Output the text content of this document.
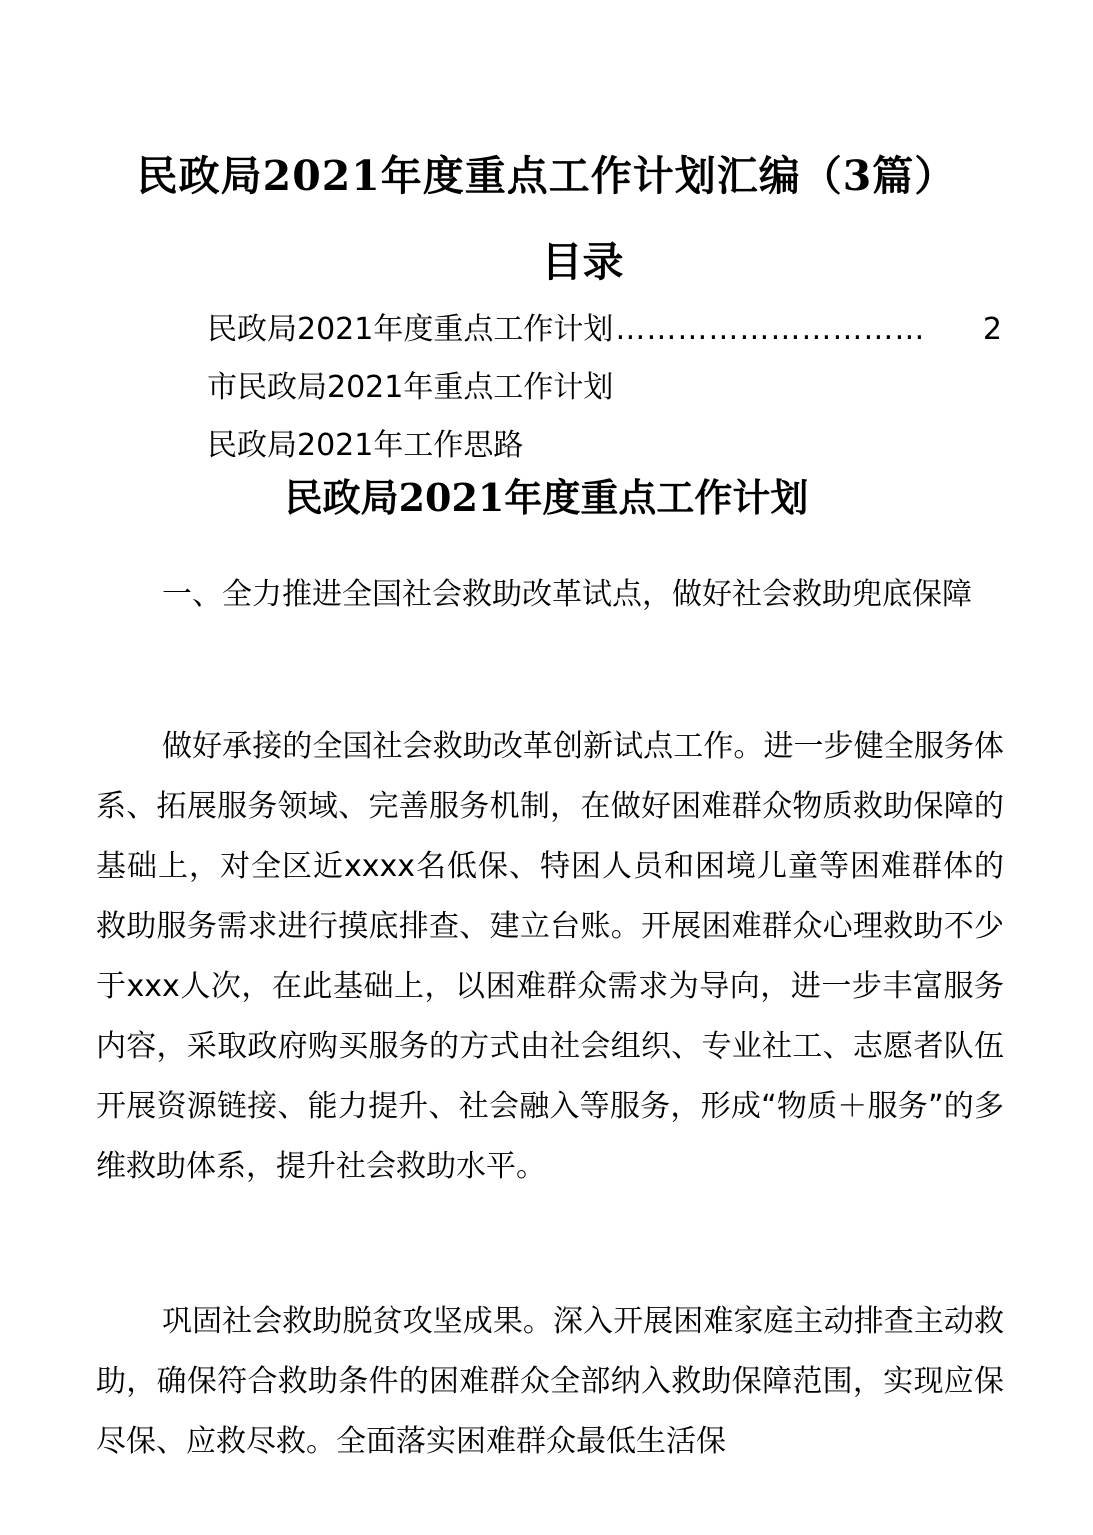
民政局2021年度重点工作计划汇编（3篇）
目录
民政局2021年度重点工作计划 …………………………	2
市民政局2021年重点工作计划
民政局2021年工作思路
民政局2021年度重点工作计划

一、全力推进全国社会救助改革试点，做好社会救助兜底保障

做好承接的全国社会救助改革创新试点工作。进一步健全服务体系、拓展服务领域、完善服务机制，在做好困难群众物质救助保障的基础上，对全区近xxxx名低保、特困人员和困境儿童等困难群体的救助服务需求进行摸底排查、建立台账。开展困难群众心理救助不少于xxx人次，在此基础上，以困难群众需求为导向，进一步丰富服务内容，采取政府购买服务的方式由社会组织、专业社工、志愿者队伍开展资源链接、能力提升、社会融入等服务，形成“物质＋服务”的多维救助体系，提升社会救助水平。

巩固社会救助脱贫攻坚成果。深入开展困难家庭主动排查主动救助，确保符合救助条件的困难群众全部纳入救助保障范围，实现应保尽保、应救尽救。全面落实困难群众最低生活保
